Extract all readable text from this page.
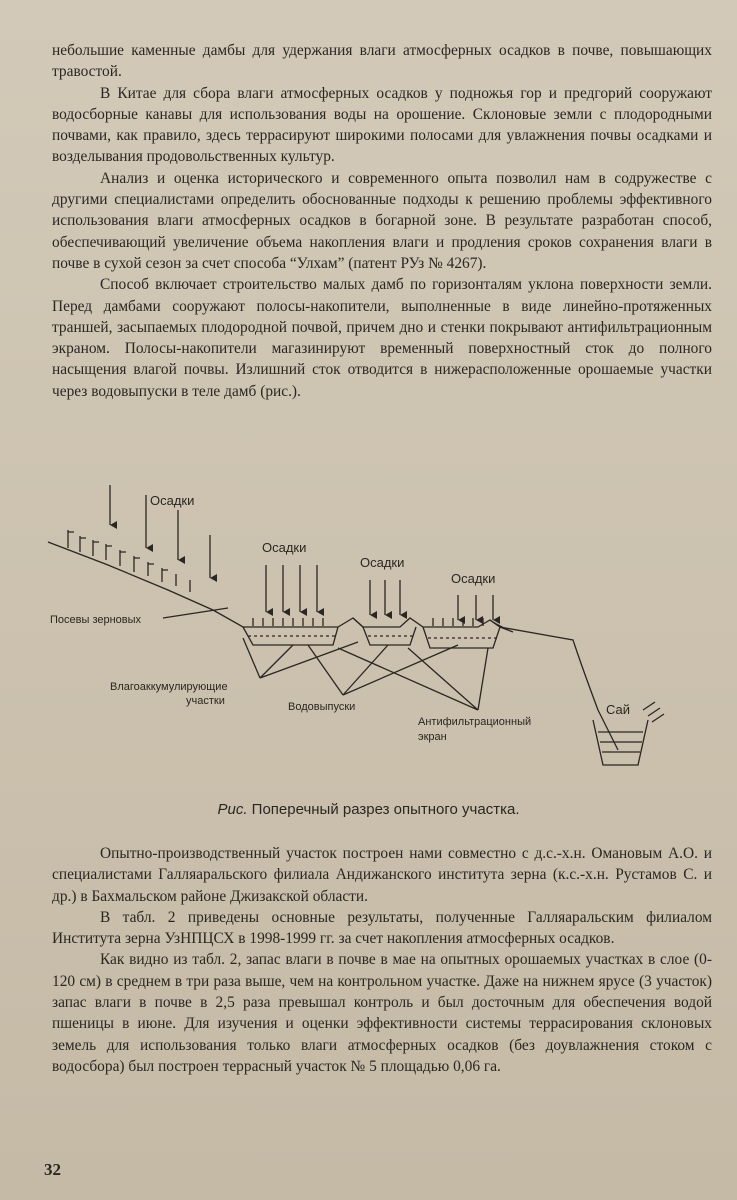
небольшие каменные дамбы для удержания влаги атмосферных осадков в почве, повышающих травостой.

В Китае для сбора влаги атмосферных осадков у подножья гор и предгорий сооружают водосборные канавы для использования воды на орошение. Склоновые земли с плодородными почвами, как правило, здесь террасируют широкими полосами для увлажнения почвы осадками и возделывания продовольственных культур.

Анализ и оценка исторического и современного опыта позволил нам в содружестве с другими специалистами определить обоснованные подходы к решению проблемы эффективного использования влаги атмосферных осадков в богарной зоне. В результате разработан способ, обеспечивающий увеличение объема накопления влаги и продления сроков сохранения влаги в почве в сухой сезон за счет способа “Улхам” (патент РУз № 4267).

Способ включает строительство малых дамб по горизонталям уклона поверхности земли. Перед дамбами сооружают полосы-накопители, выполненные в виде линейно-протяженных траншей, засыпаемых плодородной почвой, причем дно и стенки покрывают антифильтрационным экраном. Полосы-накопители магазинируют временный поверхностный сток до полного насыщения влагой почвы. Излишний сток отводится в нижерасположенные орошаемые участки через водовыпуски в теле дамб (рис.).

Осадки
Осадки
Осадки
Осадки
Посевы зерновых
Влагоаккумулирующие
участки	Водовыпуски
Антифильтрационный
экран
Сай
Рис. Поперечный разрез опытного участка.

Опытно-производственный участок построен нами совместно с д.с.-х.н. Омановым А.О. и специалистами Галляаральского филиала Андижанского института зерна (к.с.-х.н. Рустамов С. и др.) в Бахмальском районе Джизакской области.

В табл. 2 приведены основные результаты, полученные Галляаральским филиалом Института зерна УзНПЦСХ в 1998-1999 гг. за счет накопления атмосферных осадков.

Как видно из табл. 2, запас влаги в почве в мае на опытных орошаемых участках в слое (0-120 см) в среднем в три раза выше, чем на контрольном участке. Даже на нижнем ярусе (3 участок) запас влаги в почве в 2,5 раза превышал контроль и был досточным для обеспечения водой пшеницы в июне. Для изучения и оценки эффективности системы террасирования склоновых земель для использования только влаги атмосферных осадков (без доувлажнения стоком с водосбора) был построен террасный участок № 5 площадью 0,06 га.

32
